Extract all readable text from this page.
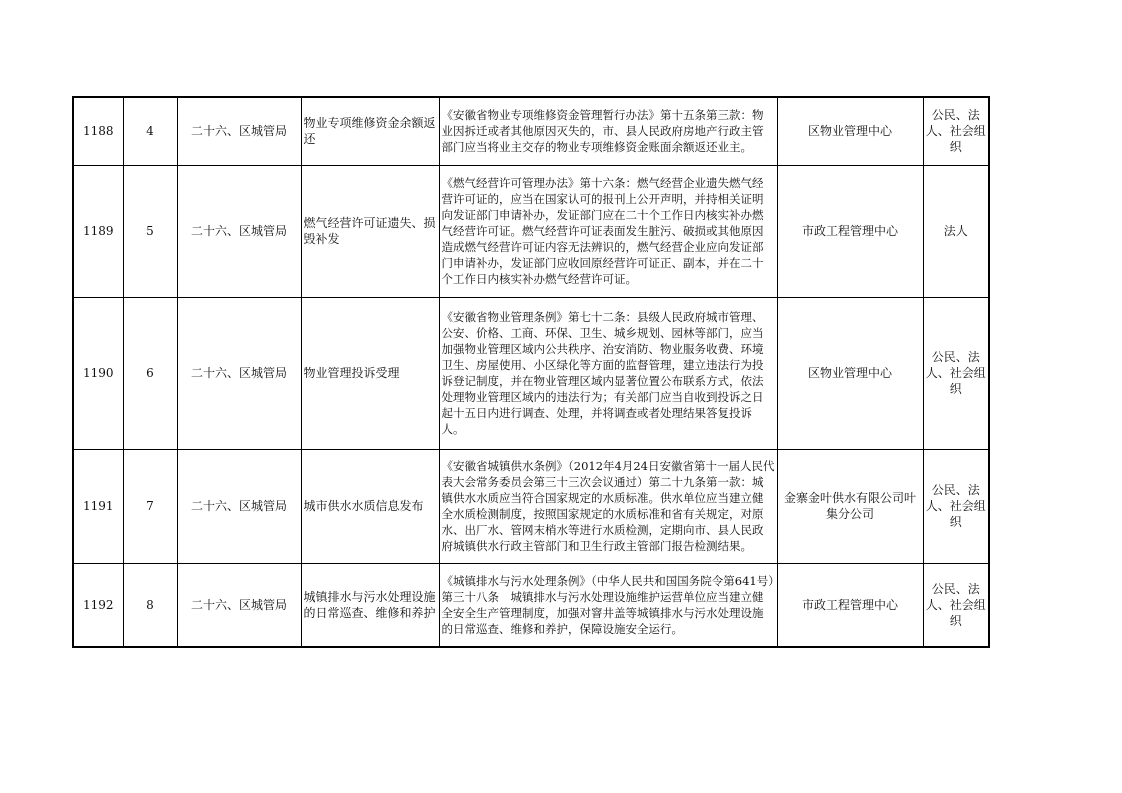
1188	4	二十六、区城管局	物业专项维修资金余额返还	《安徽省物业专项维修资金管理暂行办法》第十五条第三款：物业因拆迁或者其他原因灭失的，市、县人民政府房地产行政主管部门应当将业主交存的物业专项维修资金账面余额返还业主。	区物业管理中心	公民、法人、社会组织
1189	5	二十六、区城管局	燃气经营许可证遗失、损毁补发	《燃气经营许可管理办法》第十六条：燃气经营企业遗失燃气经营许可证的，应当在国家认可的报刊上公开声明，并持相关证明向发证部门申请补办，发证部门应在二十个工作日内核实补办燃气经营许可证。燃气经营许可证表面发生脏污、破损或其他原因造成燃气经营许可证内容无法辨识的，燃气经营企业应向发证部门申请补办，发证部门应收回原经营许可证正、副本，并在二十个工作日内核实补办燃气经营许可证。	市政工程管理中心	法人
1190	6	二十六、区城管局	物业管理投诉受理	《安徽省物业管理条例》第七十二条：县级人民政府城市管理、公安、价格、工商、环保、卫生、城乡规划、园林等部门，应当加强物业管理区域内公共秩序、治安消防、物业服务收费、环境卫生、房屋使用、小区绿化等方面的监督管理，建立违法行为投诉登记制度，并在物业管理区域内显著位置公布联系方式，依法处理物业管理区域内的违法行为；有关部门应当自收到投诉之日起十五日内进行调查、处理，并将调查或者处理结果答复投诉人。	区物业管理中心	公民、法人、社会组织
1191	7	二十六、区城管局	城市供水水质信息发布	《安徽省城镇供水条例》（2012年4月24日安徽省第十一届人民代表大会常务委员会第三十三次会议通过）第二十九条第一款：城镇供水水质应当符合国家规定的水质标准。供水单位应当建立健全水质检测制度，按照国家规定的水质标准和省有关规定，对原水、出厂水、管网末梢水等进行水质检测，定期向市、县人民政府城镇供水行政主管部门和卫生行政主管部门报告检测结果。	金寨金叶供水有限公司叶集分公司	公民、法人、社会组织
1192	8	二十六、区城管局	城镇排水与污水处理设施的日常巡查、维修和养护	《城镇排水与污水处理条例》（中华人民共和国国务院令第641号）第三十八条　城镇排水与污水处理设施维护运营单位应当建立健全安全生产管理制度，加强对窨井盖等城镇排水与污水处理设施的日常巡查、维修和养护，保障设施安全运行。	市政工程管理中心	公民、法人、社会组织
